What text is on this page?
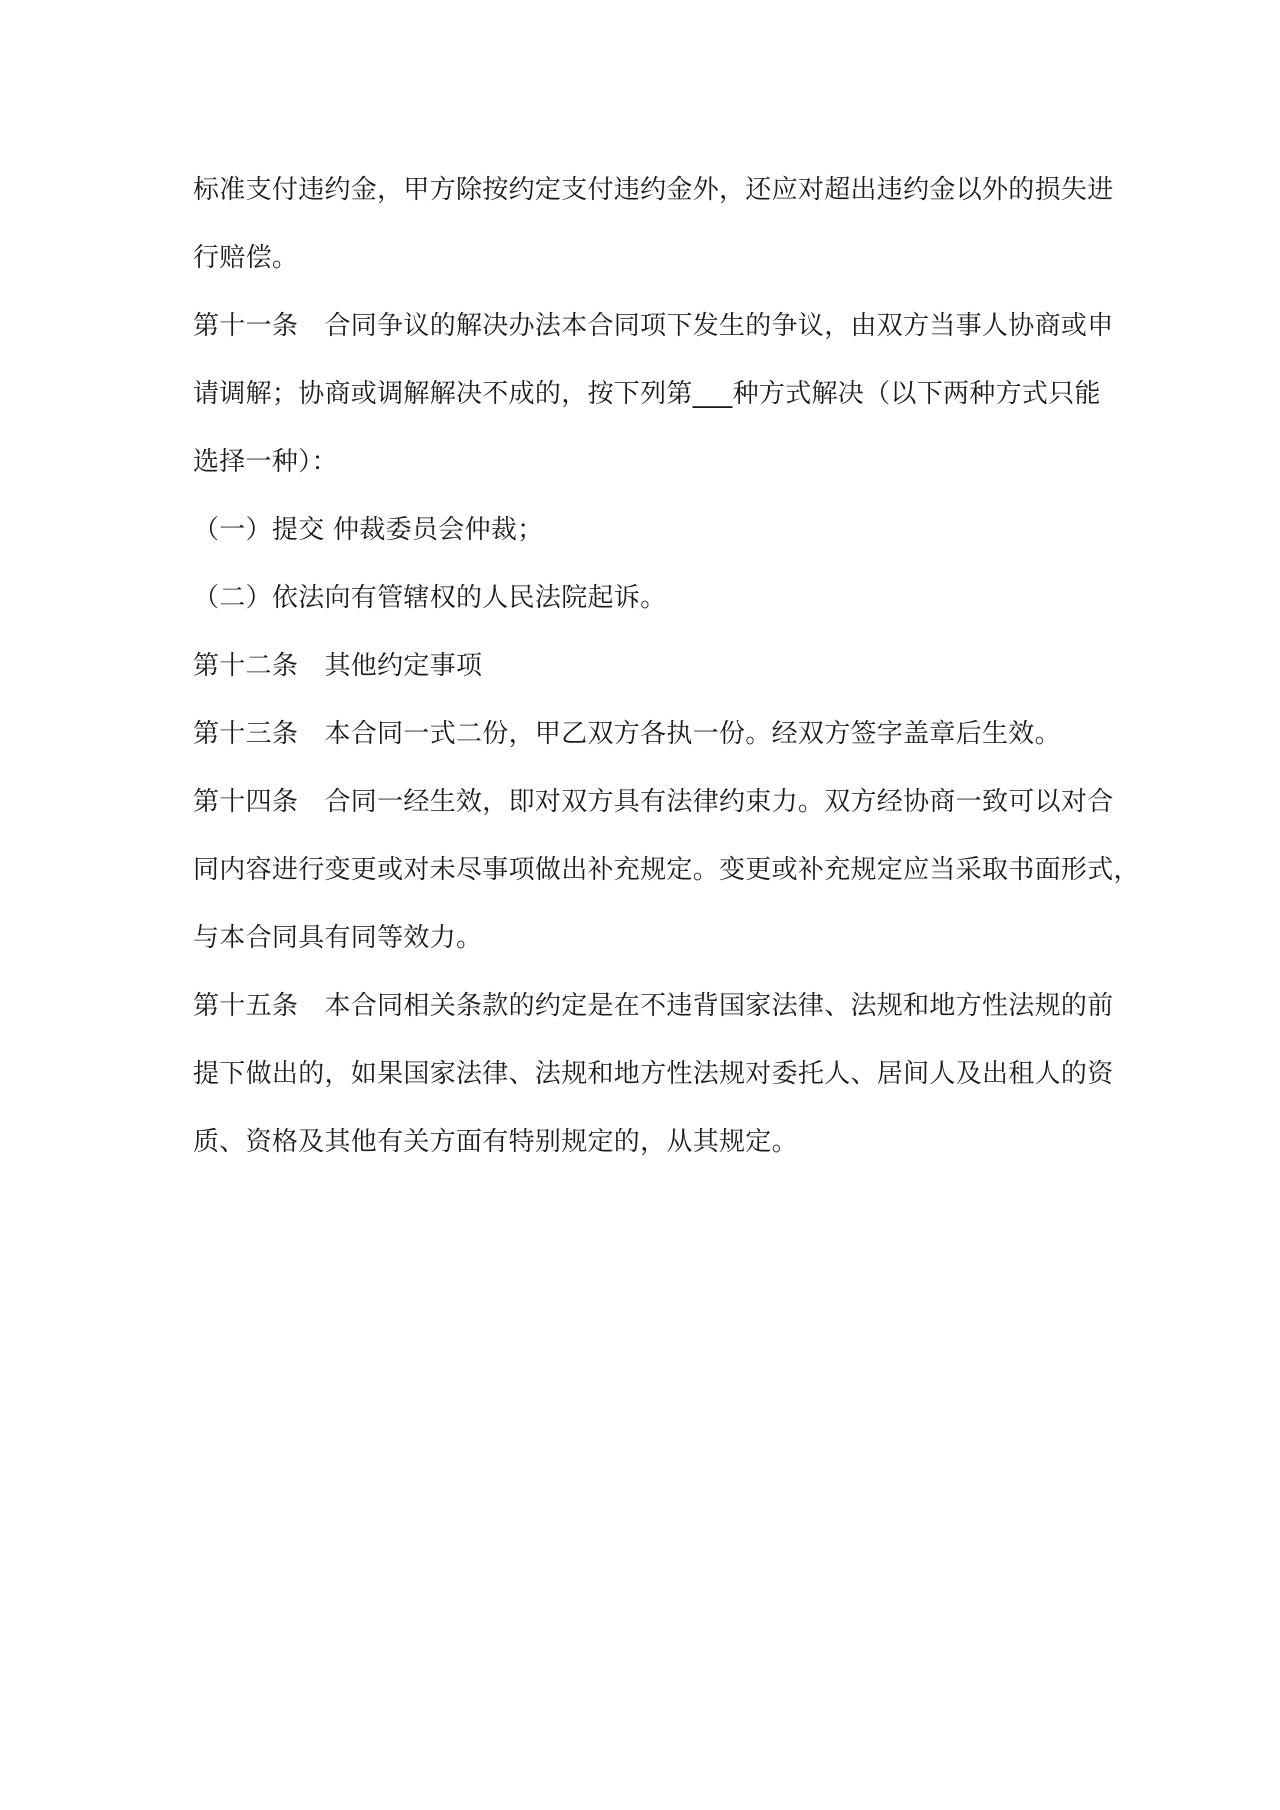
标准支付违约金，甲方除按约定支付违约金外，还应对超出违约金以外的损失进
行赔偿。
第十一条　合同争议的解决办法本合同项下发生的争议，由双方当事人协商或申
请调解；协商或调解解决不成的，按下列第___种方式解决（以下两种方式只能
选择一种）：
（一）提交 仲裁委员会仲裁；
（二）依法向有管辖权的人民法院起诉。
第十二条　其他约定事项
第十三条　本合同一式二份，甲乙双方各执一份。经双方签字盖章后生效。
第十四条　合同一经生效，即对双方具有法律约束力。双方经协商一致可以对合
同内容进行变更或对未尽事项做出补充规定。变更或补充规定应当采取书面形式，
与本合同具有同等效力。
第十五条　本合同相关条款的约定是在不违背国家法律、法规和地方性法规的前
提下做出的，如果国家法律、法规和地方性法规对委托人、居间人及出租人的资
质、资格及其他有关方面有特别规定的，从其规定。
